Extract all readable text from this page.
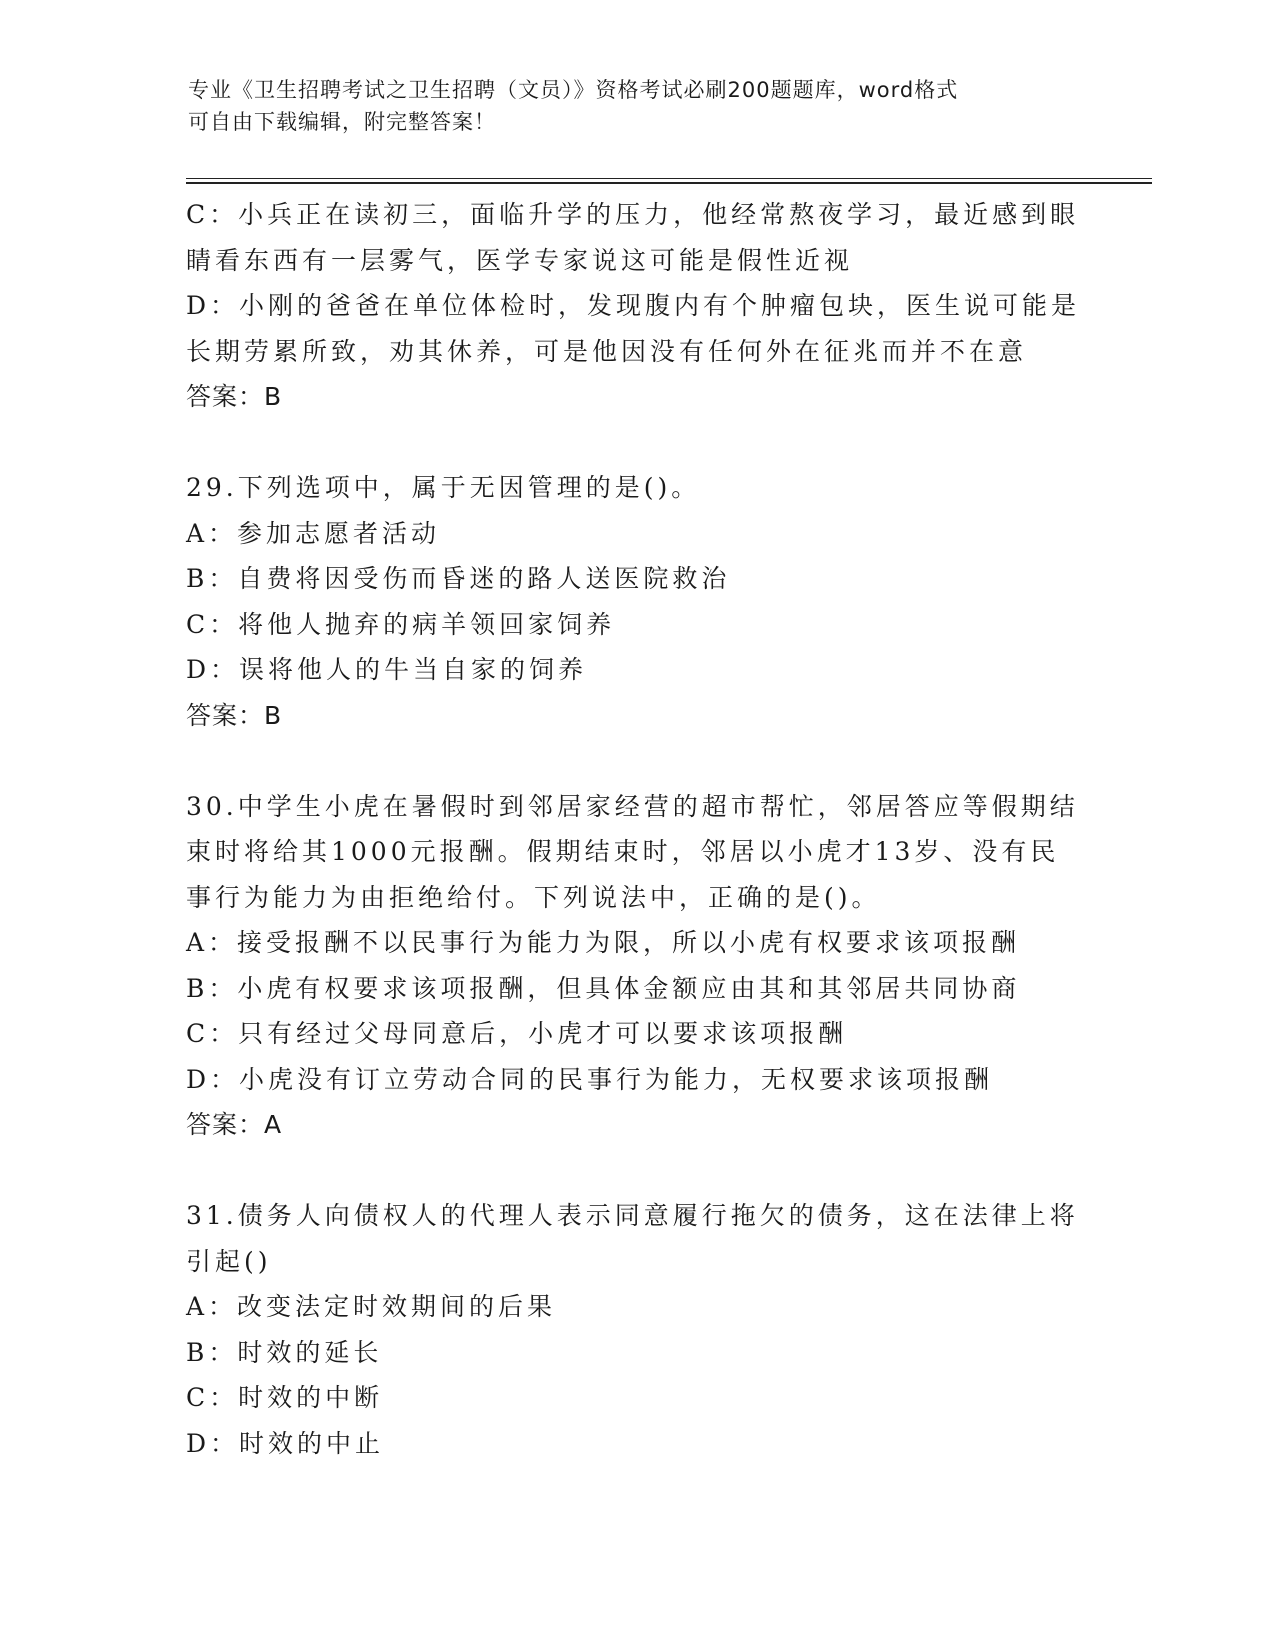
专业《卫生招聘考试之卫生招聘（文员）》资格考试必刷200题题库，word格式
可自由下载编辑，附完整答案！
C：小兵正在读初三，面临升学的压力，他经常熬夜学习，最近感到眼
睛看东西有一层雾气，医学专家说这可能是假性近视
D：小刚的爸爸在单位体检时，发现腹内有个肿瘤包块，医生说可能是
长期劳累所致，劝其休养，可是他因没有任何外在征兆而并不在意
答案：B
29.下列选项中，属于无因管理的是()。
A：参加志愿者活动
B：自费将因受伤而昏迷的路人送医院救治
C：将他人抛弃的病羊领回家饲养
D：误将他人的牛当自家的饲养
答案：B
30.中学生小虎在暑假时到邻居家经营的超市帮忙，邻居答应等假期结
束时将给其1000元报酬。假期结束时，邻居以小虎才13岁、没有民
事行为能力为由拒绝给付。下列说法中，正确的是()。
A：接受报酬不以民事行为能力为限，所以小虎有权要求该项报酬
B：小虎有权要求该项报酬，但具体金额应由其和其邻居共同协商
C：只有经过父母同意后，小虎才可以要求该项报酬
D：小虎没有订立劳动合同的民事行为能力，无权要求该项报酬
答案：A
31.债务人向债权人的代理人表示同意履行拖欠的债务，这在法律上将
引起()
A：改变法定时效期间的后果
B：时效的延长
C：时效的中断
D：时效的中止
